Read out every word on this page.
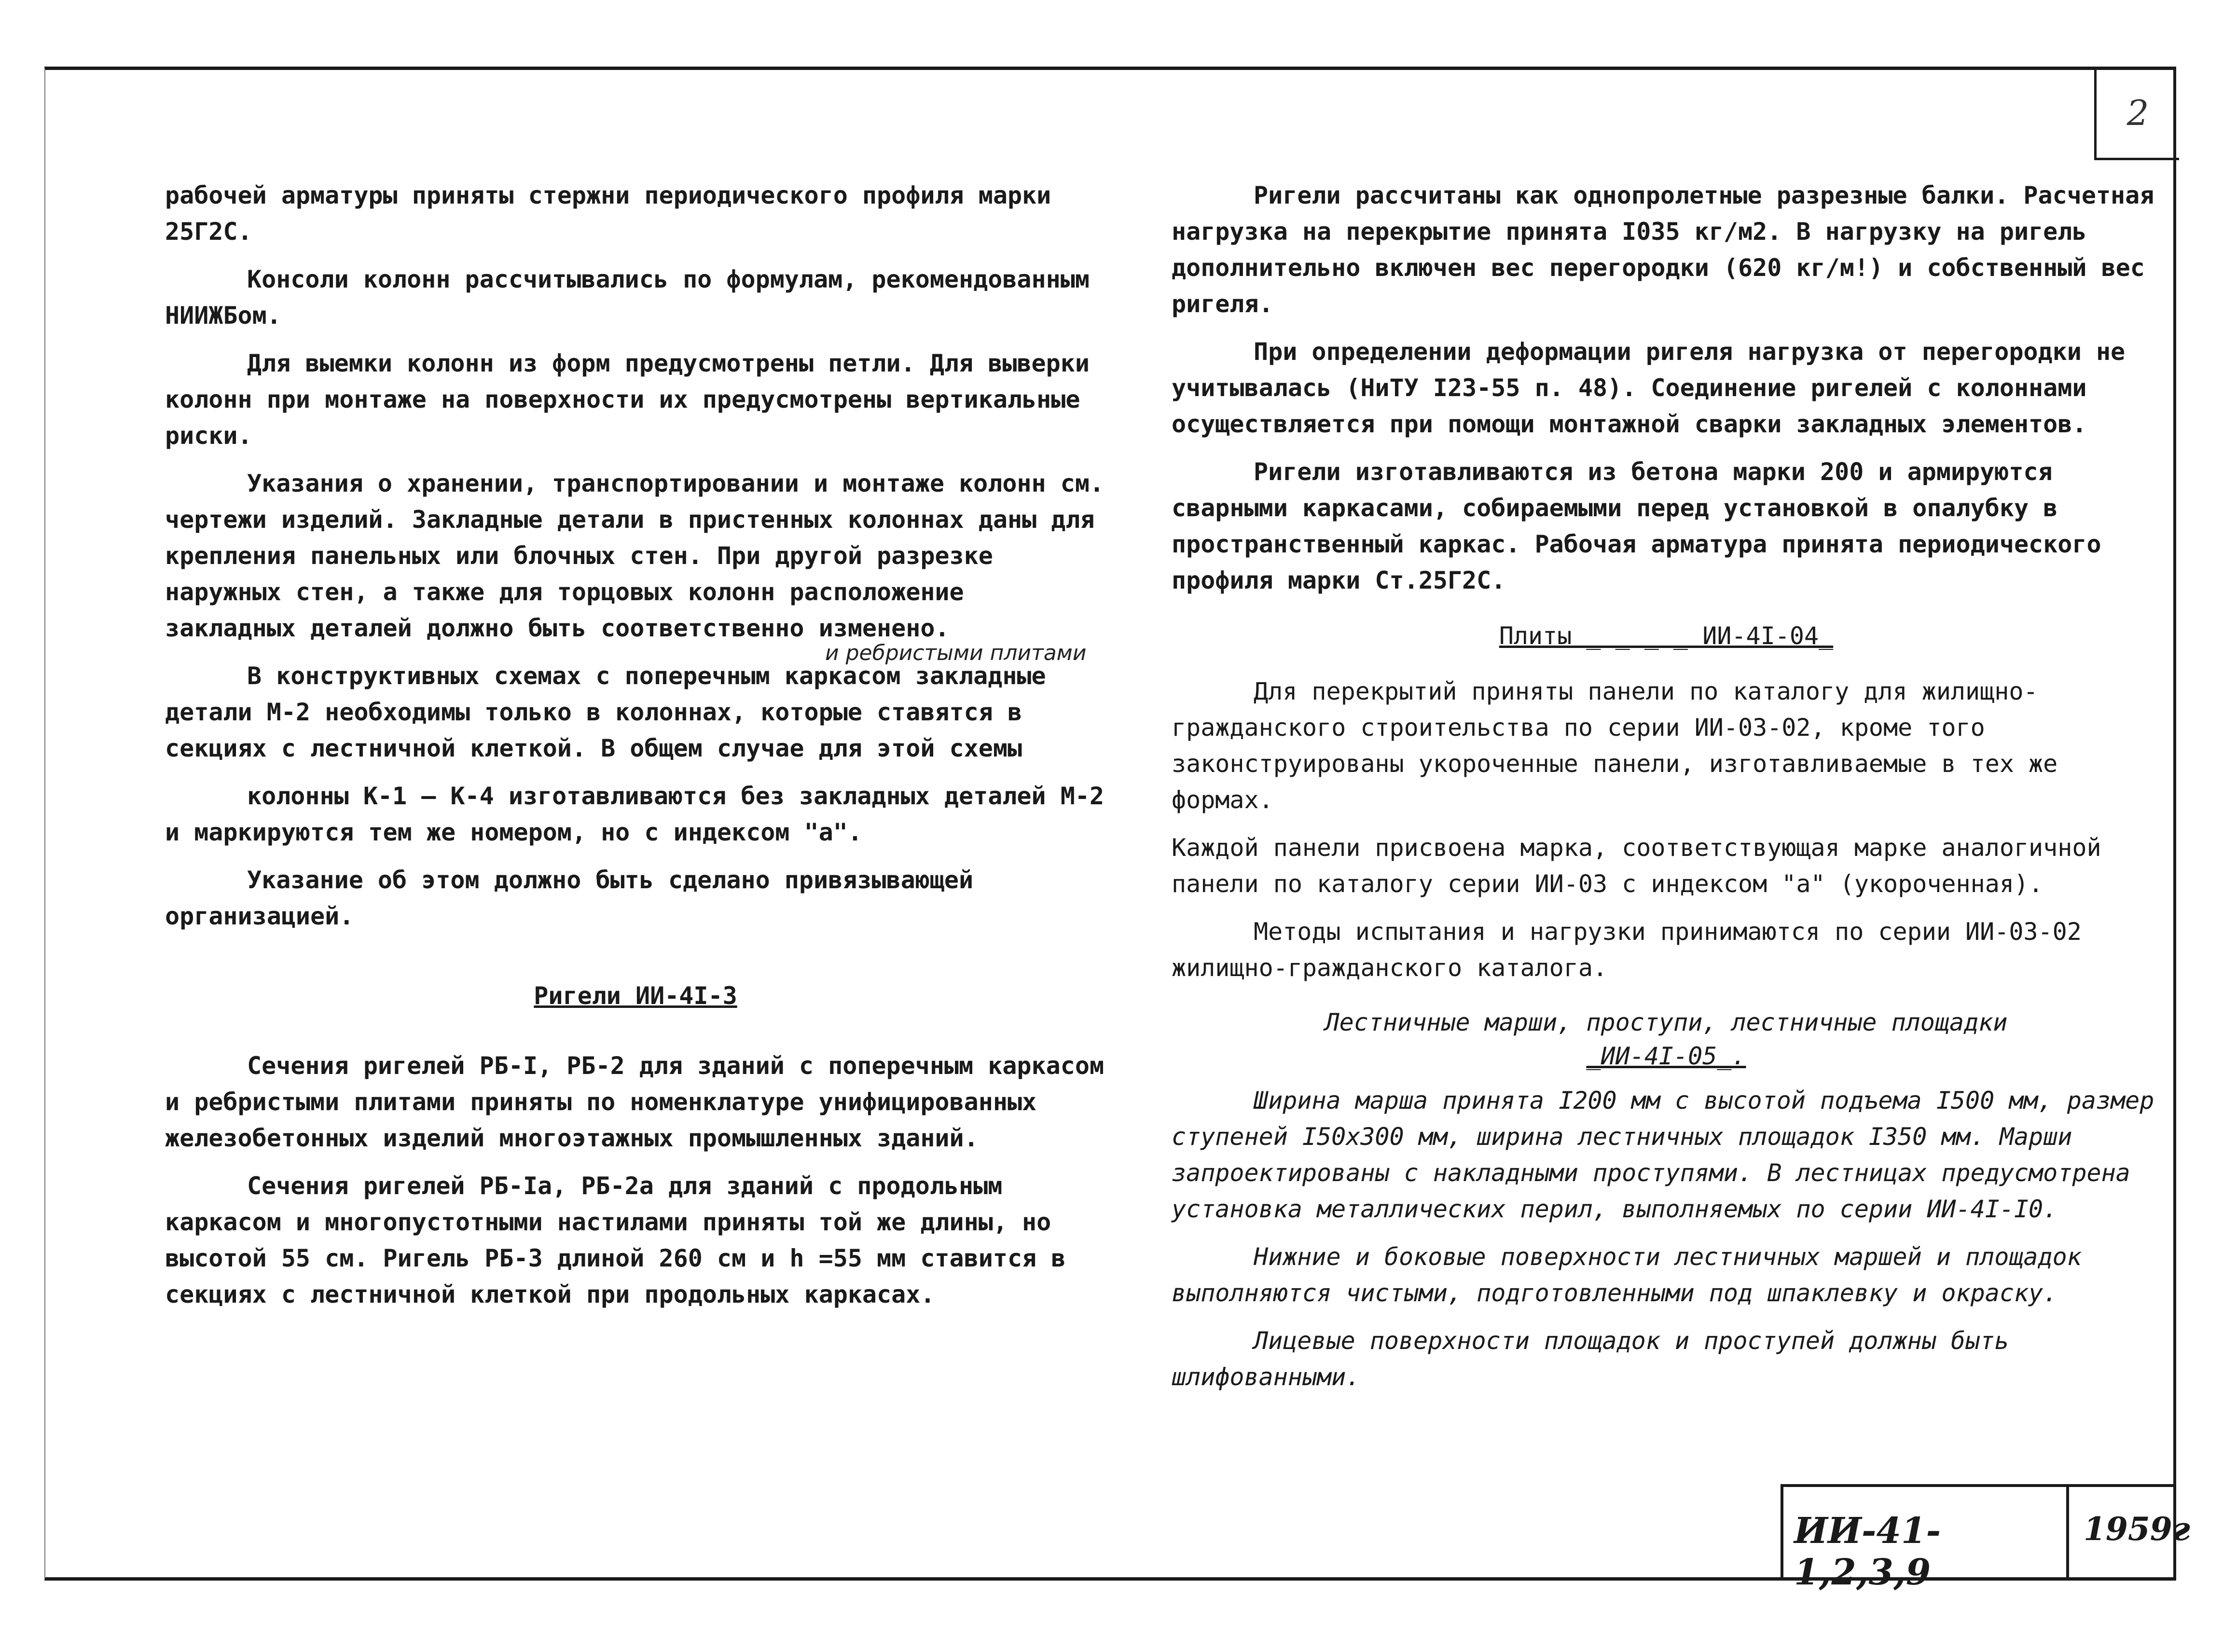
2

рабочей арматуры приняты стержни периодического профиля марки 25Г2С.

Консоли колонн рассчитывались по формулам, рекомендованным НИИЖБом.

Для выемки колонн из форм предусмотрены петли. Для выверки колонн при монтаже на поверхности их предусмотрены вертикальные риски.

Указания о хранении, транспортировании и монтаже колонн см. чертежи изделий. Закладные детали в пристенных колоннах даны для крепления панельных или блочных стен. При другой разрезке наружных стен, а также для торцовых колонн расположение закладных деталей должно быть соответственно изменено.

В конструктивных схемах с поперечным каркасом закладные детали М-2 необходимы только в колоннах, которые ставятся в секциях с лестничной клеткой. В общем случае для этой схемы

колонны К-1 – К-4 изготавливаются без закладных деталей М-2 и маркируются тем же номером, но с индексом "а".

Указание об этом должно быть сделано привязывающей организацией.

Ригели ИИ-4I-3

Сечения ригелей РБ-I, РБ-2 для зданий с поперечным каркасом и ребристыми плитами приняты по номенклатуре унифицированных железобетонных изделий многоэтажных промышленных зданий.

Сечения ригелей РБ-Iа, РБ-2а для зданий с продольным каркасом и многопустотными настилами приняты той же длины, но высотой 55 см. Ригель РБ-3 длиной 260 см и h =55 мм ставится в секциях с лестничной клеткой при продольных каркасах.

и ребристыми плитами

Ригели рассчитаны как однопролетные разрезные балки. Расчетная нагрузка на перекрытие принята I035 кг/м2. В нагрузку на ригель дополнительно включен вес перегородки (620 кг/м!) и собственный вес ригеля.

При определении деформации ригеля нагрузка от перегородки не учитывалась (НиТУ I23-55 п. 48). Соединение ригелей с колоннами осуществляется при помощи монтажной сварки закладных элементов.

Ригели изготавливаются из бетона марки 200 и армируются сварными каркасами, собираемыми перед установкой в опалубку в пространственный каркас. Рабочая арматура принята периодического профиля марки Ст.25Г2С.

Плиты _ _ _ _ ИИ-4I-04_

Для перекрытий приняты панели по каталогу для жилищно-гражданского строительства по серии ИИ-03-02, кроме того законструированы укороченные панели, изготавливаемые в тех же формах.

Каждой панели присвоена марка, соответствующая марке аналогичной панели по каталогу серии ИИ-03 с индексом "а" (укороченная).

Методы испытания и нагрузки принимаются по серии ИИ-03-02 жилищно-гражданского каталога.

Лестничные марши, проступи, лестничные площадки
_ИИ-4I-05_.

Ширина марша принята I200 мм с высотой подъема I500 мм, размер ступеней I50x300 мм, ширина лестничных площадок I350 мм. Марши запроектированы с накладными проступями. В лестницах предусмотрена установка металлических перил, выполняемых по серии ИИ-4I-I0.

Нижние и боковые поверхности лестничных маршей и площадок выполняются чистыми, подготовленными под шпаклевку и окраску.

Лицевые поверхности площадок и проступей должны быть шлифованными.

ИИ-41-1,2,3,9
1959г
